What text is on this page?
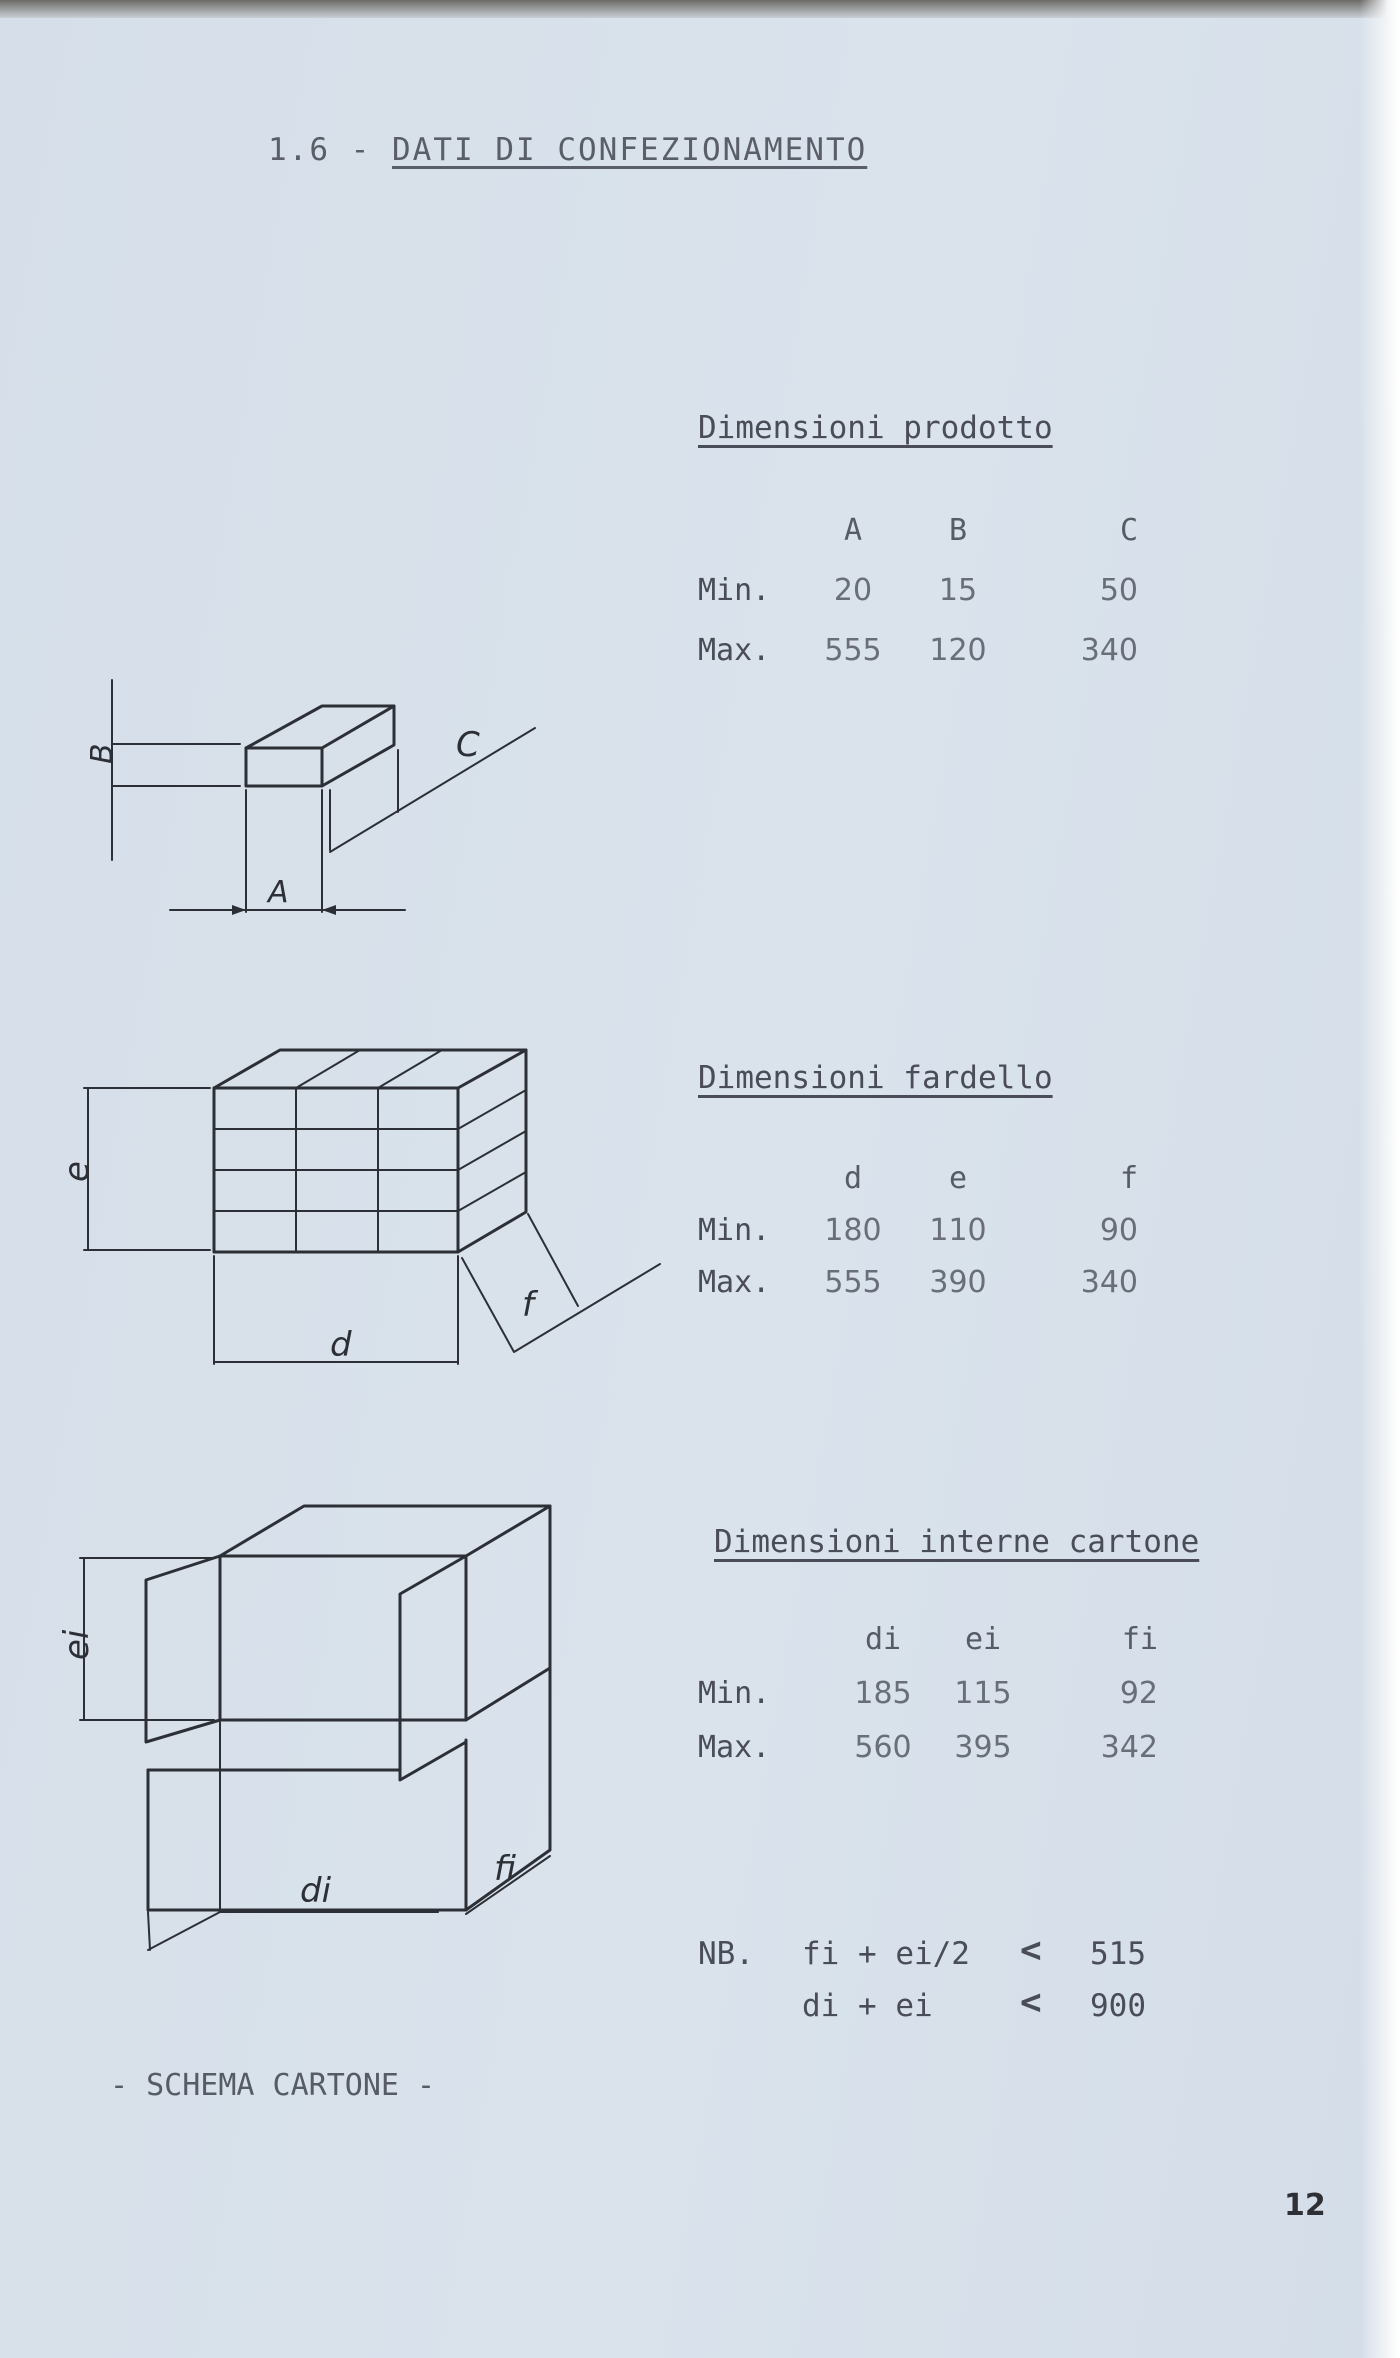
1.6 - DATI DI CONFEZIONAMENTO
Dimensioni prodotto
	A	B	C
Min.	20	15	50
Max.	555	120	340
Dimensioni fardello
	d	e	f
Min.	180	110	90
Max.	555	390	340
Dimensioni interne cartone
	di	ei	fi
Min.	185	115	92
Max.	560	395	342
NB. fi + ei/2 < 515
di + ei < 900
- SCHEMA CARTONE -
12
A
B	C
d
e
f
di
ei
fi
